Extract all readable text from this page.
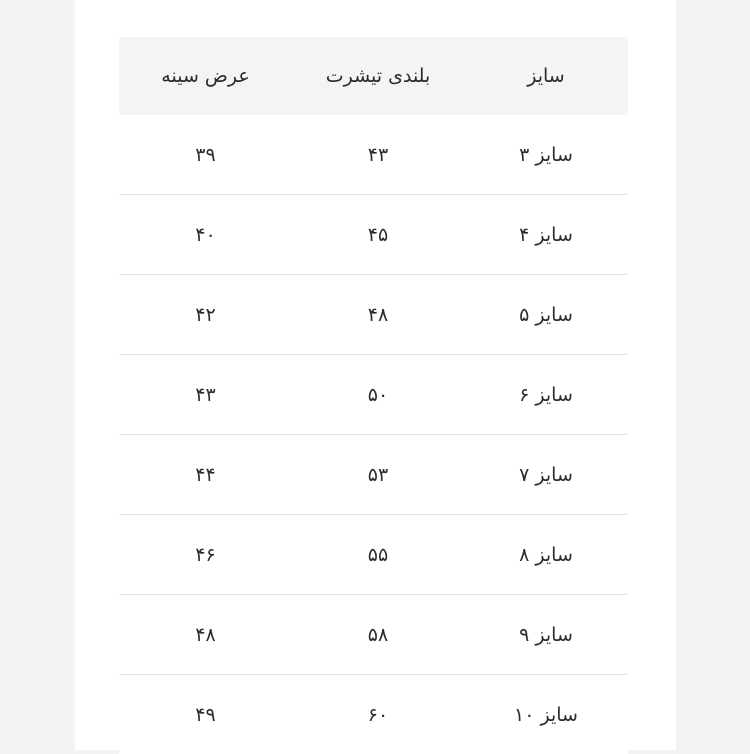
سایز
بلندی تیشرت
عرض سینه
سایز ۳
۴۳
۳۹
سایز ۴
۴۵
۴۰
سایز ۵
۴۸
۴۲
سایز ۶
۵۰
۴۳
سایز ۷
۵۳
۴۴
سایز ۸
۵۵
۴۶
سایز ۹
۵۸
۴۸
سایز ۱۰
۶۰
۴۹
